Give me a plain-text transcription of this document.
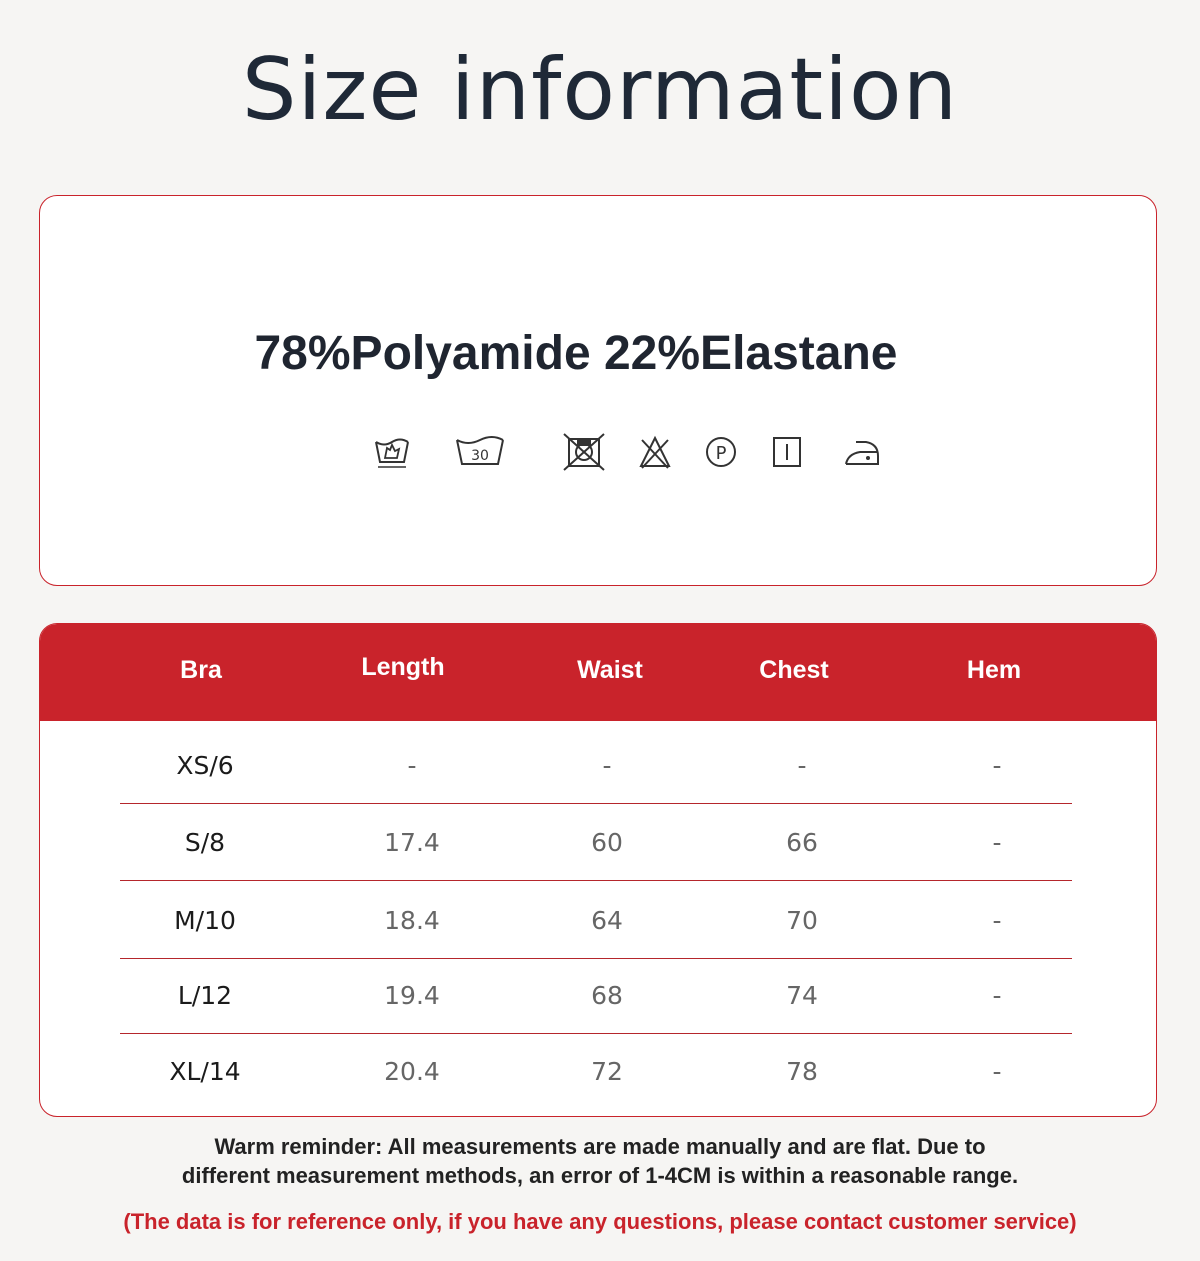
Size information
78%Polyamide 22%Elastane
30	P
Bra	Length	Waist	Chest	Hem
XS/6	-	-	-	-
S/8	17.4	60	66	-
M/10	18.4	64	70	-
L/12	19.4	68	74	-
XL/14	20.4	72	78	-
Warm reminder: All measurements are made manually and are flat. Due to
different measurement methods, an error of 1-4CM is within a reasonable range.
(The data is for reference only, if you have any questions, please contact customer service)
